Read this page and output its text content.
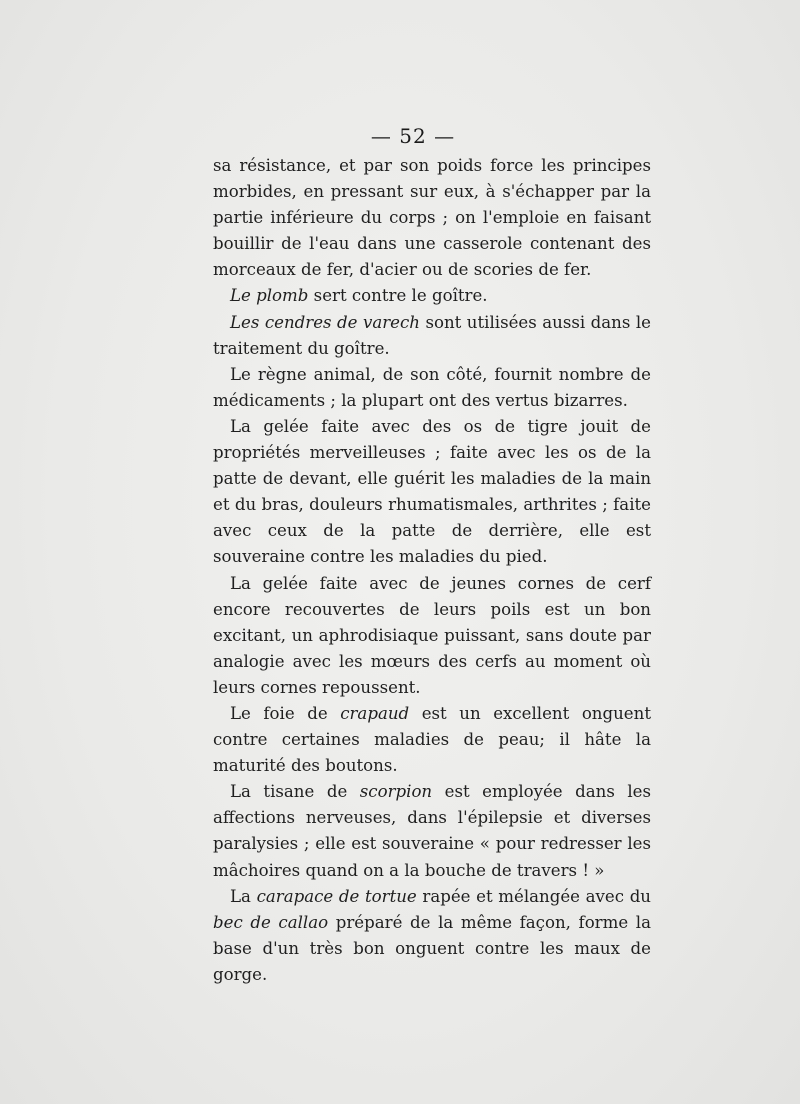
— 52 —

sa résistance, et par son poids force les principes morbides, en pressant sur eux, à s'échapper par la partie inférieure du corps ; on l'emploie en faisant bouillir de l'eau dans une casserole contenant des morceaux de fer, d'acier ou de scories de fer.

Le plomb sert contre le goître.

Les cendres de varech sont utilisées aussi dans le traitement du goître.

Le règne animal, de son côté, fournit nombre de médicaments ; la plupart ont des vertus bizarres.

La gelée faite avec des os de tigre jouit de propriétés merveilleuses ; faite avec les os de la patte de devant, elle guérit les maladies de la main et du bras, douleurs rhumatismales, arthrites ; faite avec ceux de la patte de derrière, elle est souveraine contre les maladies du pied.

La gelée faite avec de jeunes cornes de cerf encore recouvertes de leurs poils est un bon excitant, un aphrodisiaque puissant, sans doute par analogie avec les mœurs des cerfs au moment où leurs cornes repoussent.

Le foie de crapaud est un excellent onguent contre certaines maladies de peau; il hâte la maturité des boutons.

La tisane de scorpion est employée dans les affections nerveuses, dans l'épilepsie et diverses paralysies ; elle est souveraine « pour redresser les mâchoires quand on a la bouche de travers ! »

La carapace de tortue rapée et mélangée avec du bec de callao préparé de la même façon, forme la base d'un très bon onguent contre les maux de gorge.
